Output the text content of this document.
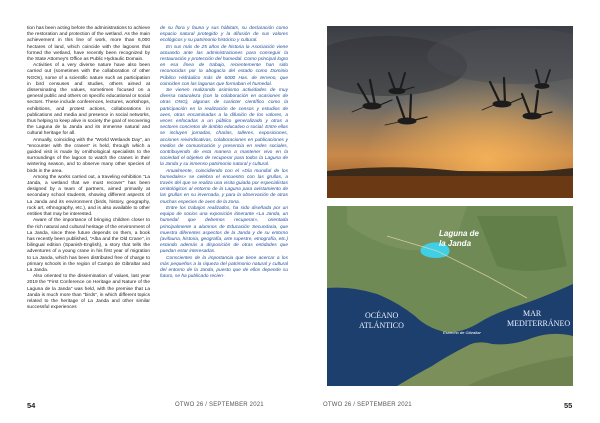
tion has been acting before the administrations to achieve the restoration and protection of the wetland. As the main achievement in this line of work, more than 6,000 hectares of land, which coincide with the lagoons that formed the wetland, have recently been recognized by the State Attorney's Office as Public Hydraulic Domain.

Activities of a very diverse nature have also been carried out (sometimes with the collaboration of other NGOs), some of a scientific nature such as participation in bird censuses and studies, others aimed at disseminating the values, sometimes focused on a general public and others on specific educational or social sectors. These include conferences, lectures, workshops, exhibitions, and protest actions, collaborations in publications and media and presence in social networks, thus helping to keep alive in society the goal of recovering the Laguna de la Janda and its immense natural and cultural heritage for all.

Annually, coinciding with the "World Wetlands Day", an "encounter with the cranes" is held, through which a guided visit is made by ornithological specialists to the surroundings of the lagoon to watch the cranes in their wintering season, and to observe many other species of birds in the area.

Among the works carried out, a traveling exhibition "La Janda, a wetland that we must recover" has been designed by a team of partners, aimed primarily at secondary school students, showing different aspects of La Janda and its environment (birds, history, geography, rock art, ethnography, etc.), and is also available to other entities that may be interested.

Aware of the importance of bringing children closer to the rich natural and cultural heritage of the environment of La Janda, since three future depends on them, a book has recently been published, "Alba and the Old Crane", in bilingual edition (Spanish-English), a story that tells the adventures of a young crane in his first year of migration to La Janda, which has been distributed free of charge to primary schools in the region of Campo de Gibraltar and La Janda.

Also oriented to the dissemination of values, last year 2019 the "First Conference on Heritage and Nature of the Laguna de la Janda" was held, with the premise that La Janda is much more than "birds", in which different topics related to the heritage of La Janda and other similar successful experiences

de su flora y fauna y sus hábitats, su declaración como espacio natural protegido y la difusión de sus valores ecológicos y su patrimonio histórico y cultural.

En sus más de 25 años de historia la Asociación viene actuando ante las administraciones para conseguir la restauración y protección del humedal. Como principal logro en esa línea de trabajo, recientemente han sido reconocidas por la abogacía del estado como Dominio Público Hidráulico más de 6000 Has. de terreno, que coinciden con las lagunas que formaban el humedal.

Se vienen realizando asimismo actividades de muy diversa naturaleza (con la colaboración en ocasiones de otras ONG), algunas de carácter científico como la participación en la realización de censos y estudios de aves, otras encaminadas a la difusión de los valores, a veces enfocadas a un público generalizado y otras a sectores concretos de ámbito educativo o social. Entre ellas se incluyen jornadas, charlas, talleres, exposiciones, acciones reivindicativas, colaboraciones en publicaciones y medios de comunicación y presencia en redes sociales, contribuyendo de esta manera a mantener vivo en la sociedad el objetivo de recuperar para todos la Laguna de la Janda y su inmenso patrimonio natural y cultural.

Anualmente, coincidiendo con el «Día mundial de los humedales» se celebra el encuentro con las grullas, a través del que se realiza una visita guiada por especialistas ornitológicos al entorno de la Laguna para avistamiento de las grullas en su invernada, y para la observación de otras muchas especies de aves de la zona.

Entre los trabajos realizados, ha sido diseñada por un equipo de socios una exposición itinerante «La Janda, un humedal que debemos recuperar», orientada principalmente a alumnos de Educación Secundaria, que muestra diferentes aspectos de la Janda y de su entorno (avifauna, historia, geografía, arte rupestre, etnografía, etc.) estando además a disposición de otras entidades que puedan estar interesadas.

Conscientes de la importancia que tiene acercar a los más pequeños a la riqueza del patrimonio natural y cultural del entorno de la Janda, puesto que de ellos depende su futuro, se ha publicado recien-

54	OTWO 26 / SEPTEMBER 2021
Laguna de
la Janda
OCÉANO
ATLÁNTICO
MAR
MEDITERRÁNEO
Estrecho de Gibraltar
OTWO 26 / SEPTEMBER 2021	55
